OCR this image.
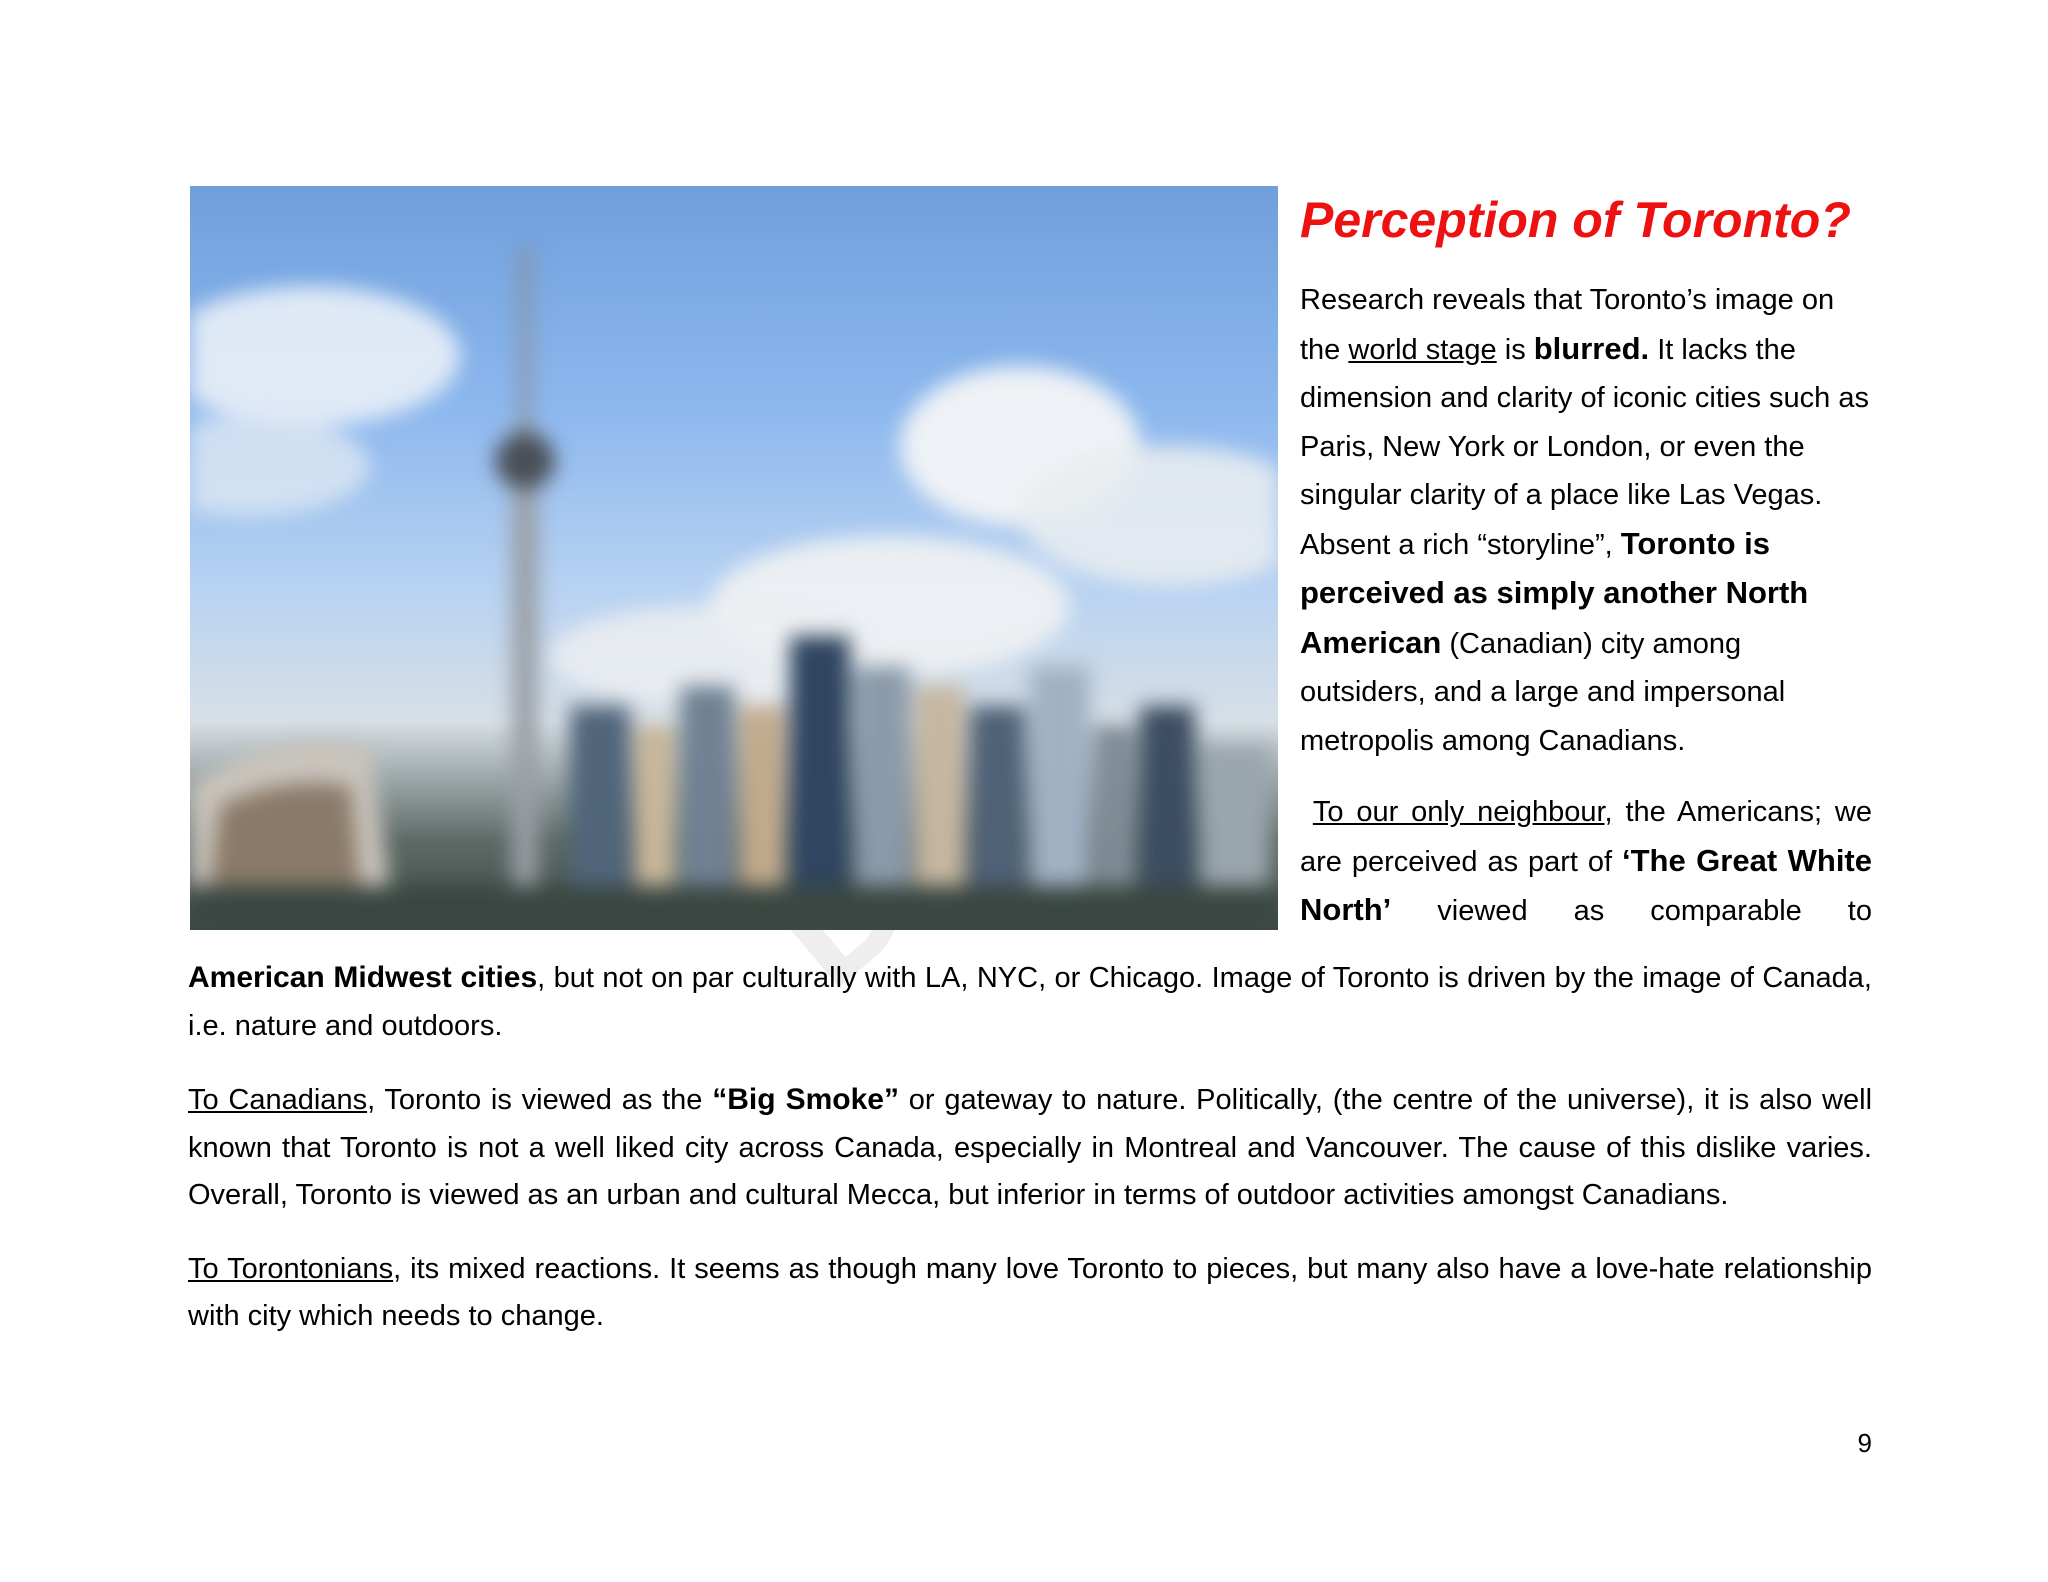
Perception of Toronto?

Research reveals that Toronto’s image on the world stage is blurred. It lacks the dimension and clarity of iconic cities such as Paris, New York or London, or even the singular clarity of a place like Las Vegas. Absent a rich “storyline”, Toronto is perceived as simply another North American (Canadian) city among outsiders, and a large and impersonal metropolis among Canadians.

To our only neighbour, the Americans; we are perceived as part of ‘The Great White North’ viewed as comparable to

American Midwest cities, but not on par culturally with LA, NYC, or Chicago. Image of Toronto is driven by the image of Canada, i.e. nature and outdoors.

To Canadians, Toronto is viewed as the “Big Smoke” or gateway to nature. Politically, (the centre of the universe), it is also well known that Toronto is not a well liked city across Canada, especially in Montreal and Vancouver. The cause of this dislike varies. Overall, Toronto is viewed as an urban and cultural Mecca, but inferior in terms of outdoor activities amongst Canadians.

To Torontonians, its mixed reactions. It seems as though many love Toronto to pieces, but many also have a love-hate relationship with city which needs to change.

9
